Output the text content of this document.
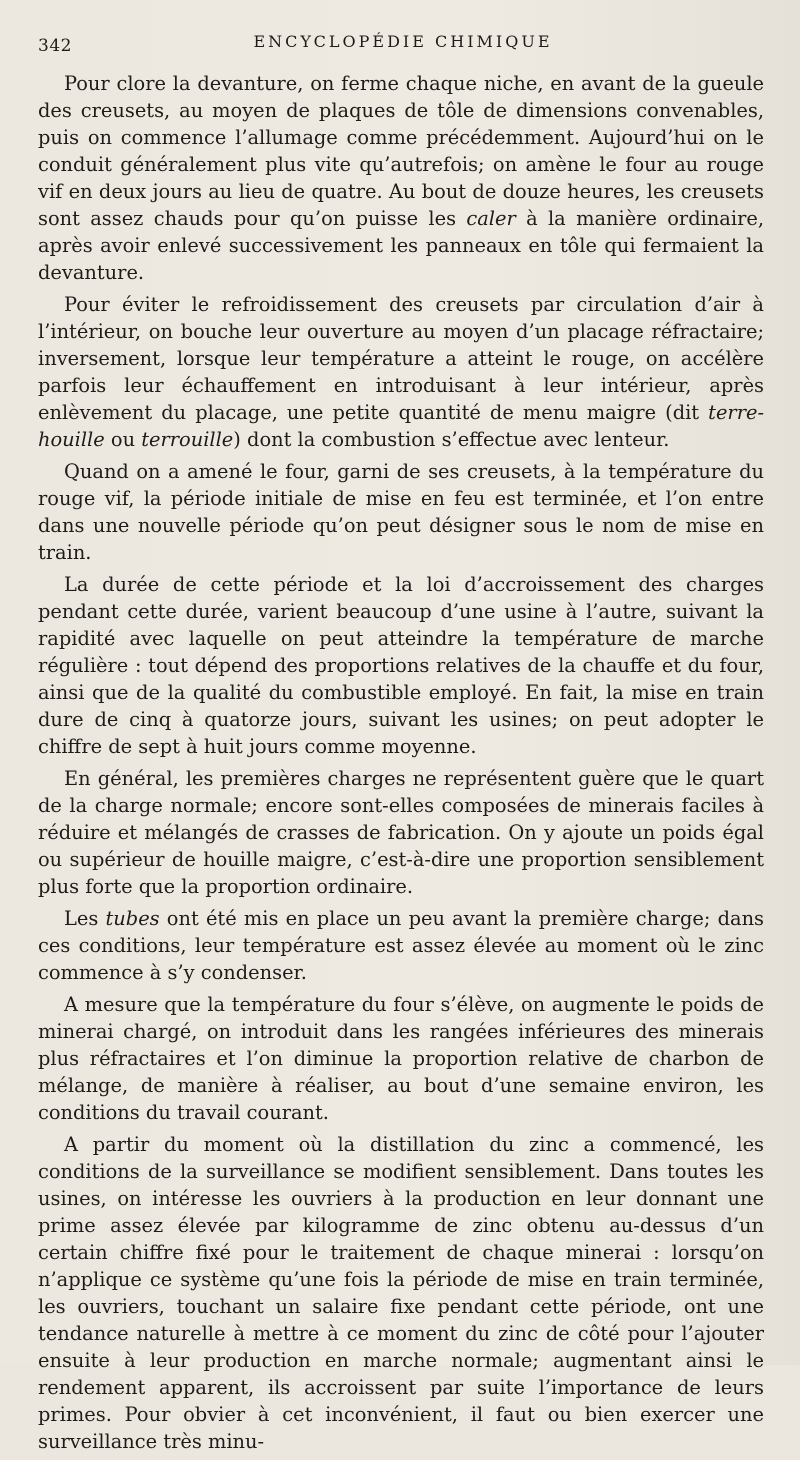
342	ENCYCLOPÉDIE CHIMIQUE

Pour clore la devanture, on ferme chaque niche, en avant de la gueule des creusets, au moyen de plaques de tôle de dimensions convenables, puis on commence l’allumage comme précédemment. Aujourd’hui on le conduit généralement plus vite qu’autrefois; on amène le four au rouge vif en deux jours au lieu de quatre. Au bout de douze heures, les creusets sont assez chauds pour qu’on puisse les caler à la manière ordinaire, après avoir enlevé successivement les panneaux en tôle qui fermaient la devanture.

Pour éviter le refroidissement des creusets par circulation d’air à l’intérieur, on bouche leur ouverture au moyen d’un placage réfractaire; inversement, lorsque leur température a atteint le rouge, on accélère parfois leur échauffement en introduisant à leur intérieur, après enlèvement du placage, une petite quantité de menu maigre (dit terre-houille ou terrouille) dont la combustion s’effectue avec lenteur.

Quand on a amené le four, garni de ses creusets, à la température du rouge vif, la période initiale de mise en feu est terminée, et l’on entre dans une nouvelle période qu’on peut désigner sous le nom de mise en train.

La durée de cette période et la loi d’accroissement des charges pendant cette durée, varient beaucoup d’une usine à l’autre, suivant la rapidité avec laquelle on peut atteindre la température de marche régulière : tout dépend des proportions relatives de la chauffe et du four, ainsi que de la qualité du combustible employé. En fait, la mise en train dure de cinq à quatorze jours, suivant les usines; on peut adopter le chiffre de sept à huit jours comme moyenne.

En général, les premières charges ne représentent guère que le quart de la charge normale; encore sont-elles composées de minerais faciles à réduire et mélangés de crasses de fabrication. On y ajoute un poids égal ou supérieur de houille maigre, c’est-à-dire une proportion sensiblement plus forte que la proportion ordinaire.

Les tubes ont été mis en place un peu avant la première charge; dans ces conditions, leur température est assez élevée au moment où le zinc commence à s’y condenser.

A mesure que la température du four s’élève, on augmente le poids de minerai chargé, on introduit dans les rangées inférieures des minerais plus réfractaires et l’on diminue la proportion relative de charbon de mélange, de manière à réaliser, au bout d’une semaine environ, les conditions du travail courant.

A partir du moment où la distillation du zinc a commencé, les conditions de la surveillance se modifient sensiblement. Dans toutes les usines, on intéresse les ouvriers à la production en leur donnant une prime assez élevée par kilogramme de zinc obtenu au-dessus d’un certain chiffre fixé pour le traitement de chaque minerai : lorsqu’on n’applique ce système qu’une fois la période de mise en train terminée, les ouvriers, touchant un salaire fixe pendant cette période, ont une tendance naturelle à mettre à ce moment du zinc de côté pour l’ajouter ensuite à leur production en marche normale; augmentant ainsi le rendement apparent, ils accroissent par suite l’importance de leurs primes. Pour obvier à cet inconvénient, il faut ou bien exercer une surveillance très minu-
